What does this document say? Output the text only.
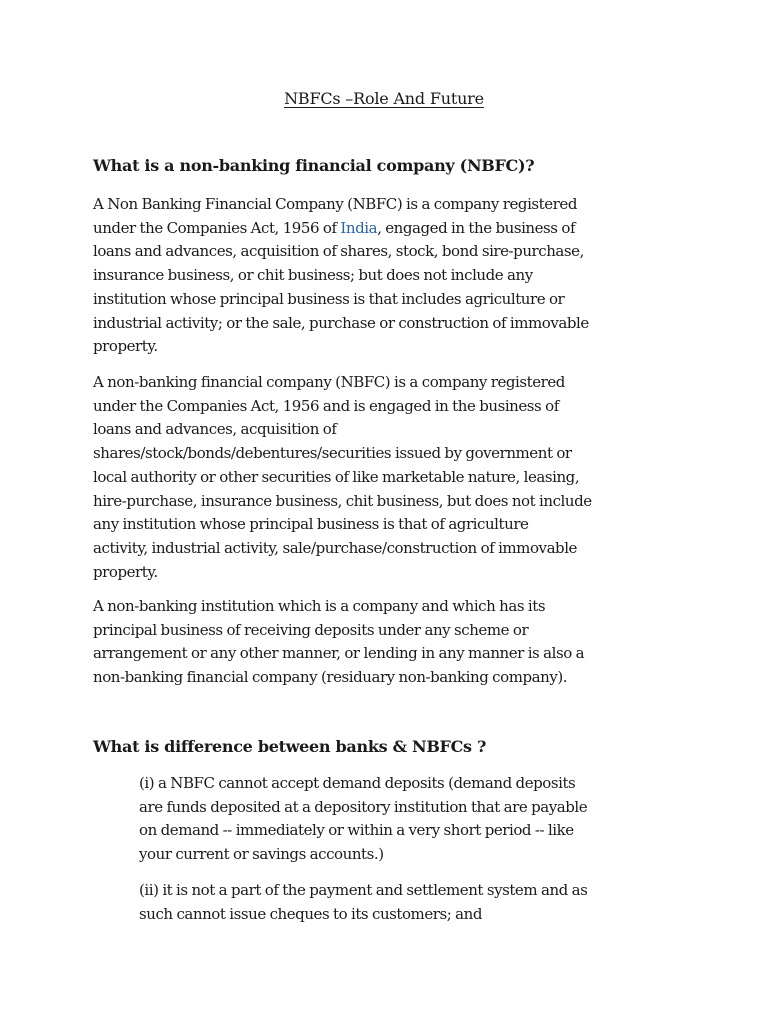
NBFCs –Role And Future
What is a non-banking financial company (NBFC)?

A Non Banking Financial Company (NBFC) is a company registered
under the Companies Act, 1956 of India, engaged in the business of
loans and advances, acquisition of shares, stock, bond sire-purchase,
insurance business, or chit business; but does not include any
institution whose principal business is that includes agriculture or
industrial activity; or the sale, purchase or construction of immovable
property.

A non-banking financial company (NBFC) is a company registered
under the Companies Act, 1956 and is engaged in the business of
loans and advances, acquisition of
shares/stock/bonds/debentures/securities issued by government or
local authority or other securities of like marketable nature, leasing,
hire-purchase, insurance business, chit business, but does not include
any institution whose principal business is that of agriculture
activity, industrial activity, sale/purchase/construction of immovable
property.

A non-banking institution which is a company and which has its
principal business of receiving deposits under any scheme or
arrangement or any other manner, or lending in any manner is also a
non-banking financial company (residuary non-banking company).

What is difference between banks & NBFCs ?

(i) a NBFC cannot accept demand deposits (demand deposits
are funds deposited at a depository institution that are payable
on demand -- immediately or within a very short period -- like
your current or savings accounts.)

(ii) it is not a part of the payment and settlement system and as
such cannot issue cheques to its customers; and
